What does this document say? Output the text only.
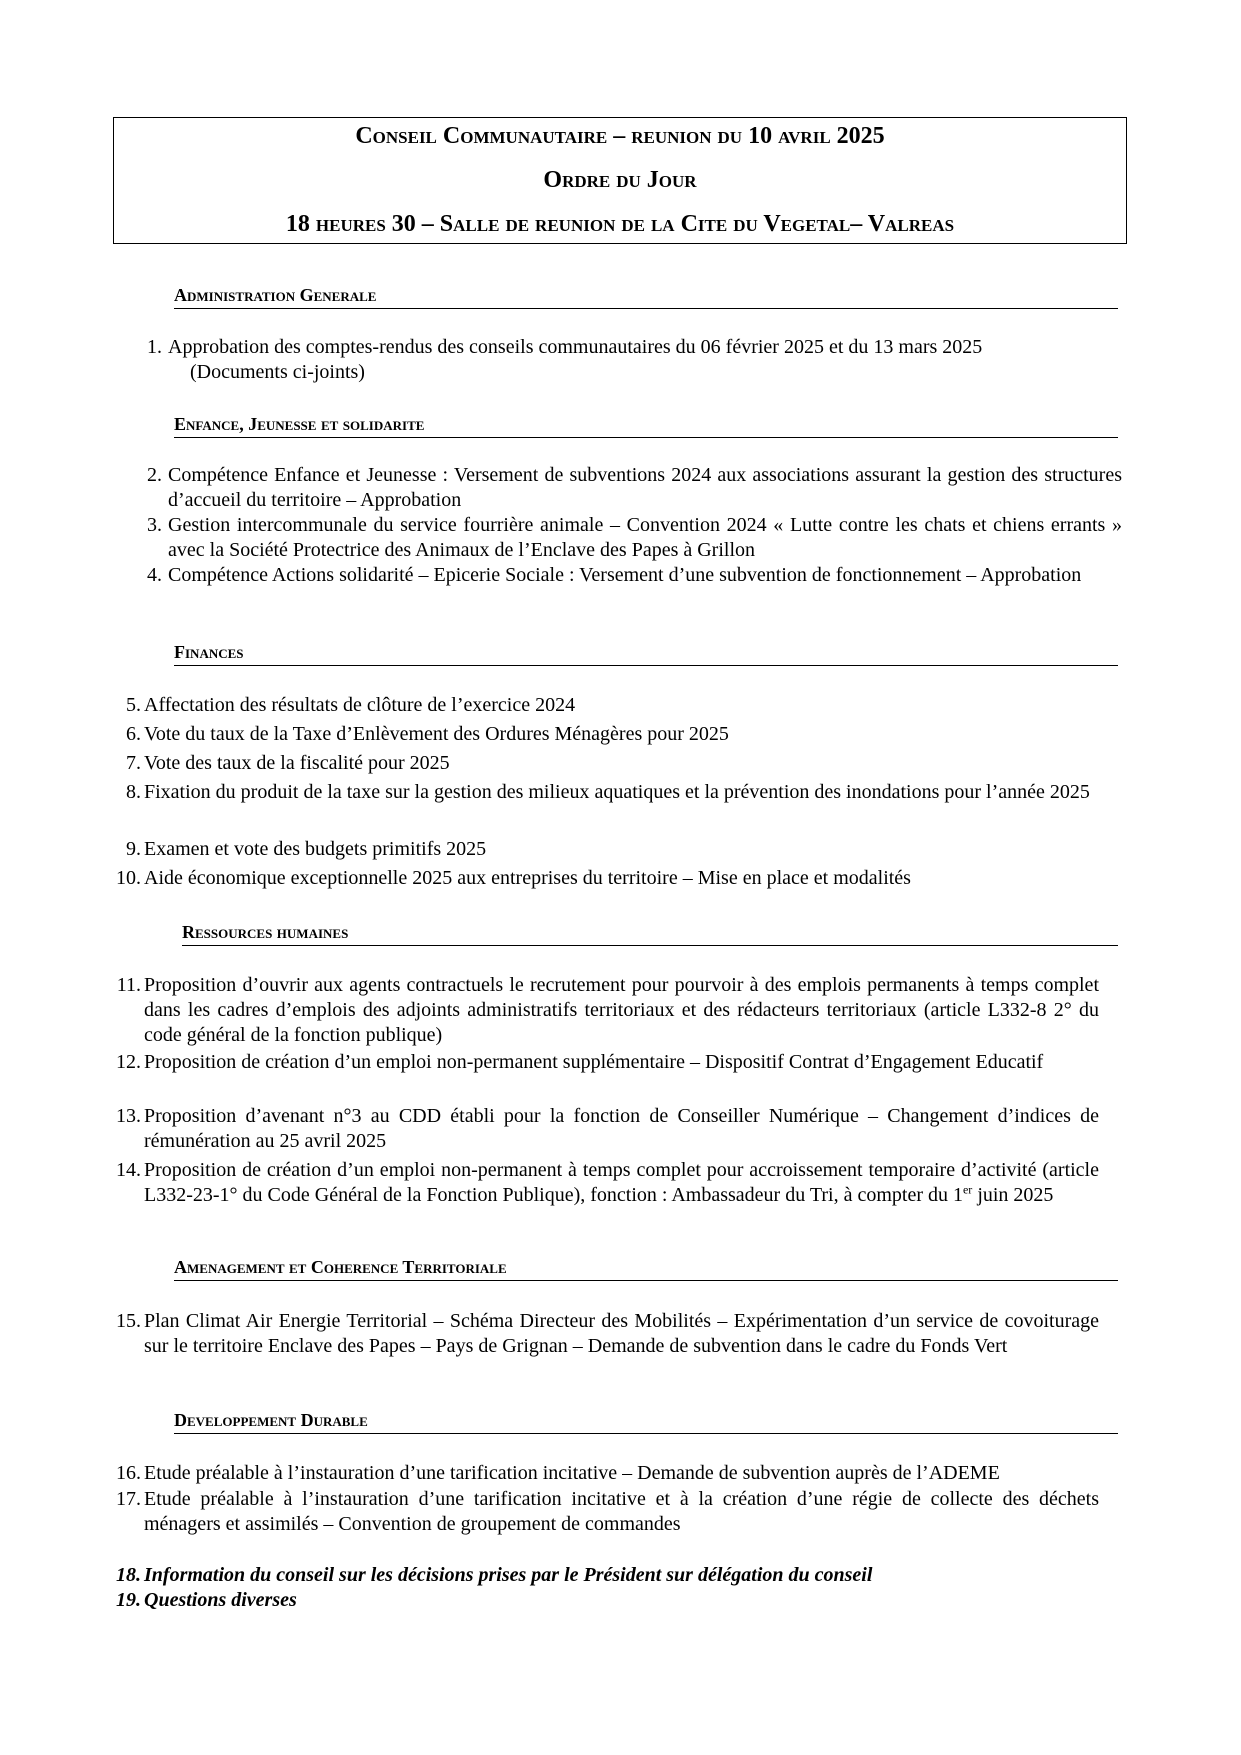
Conseil Communautaire – reunion du 10 avril 2025
Ordre du Jour
18 heures 30 – Salle de reunion de la Cite du Vegetal– Valreas
Administration Generale
1. Approbation des comptes-rendus des conseils communautaires du 06 février 2025 et du 13 mars 2025

(Documents ci-joints)
Enfance, Jeunesse et solidarite
2. Compétence Enfance et Jeunesse : Versement de subventions 2024 aux associations assurant la gestion des structures d’accueil du territoire – Approbation
3. Gestion intercommunale du service fourrière animale – Convention 2024 « Lutte contre les chats et chiens errants » avec la Société Protectrice des Animaux de l’Enclave des Papes à Grillon
4. Compétence Actions solidarité – Epicerie Sociale : Versement d’une subvention de fonctionnement – Approbation
Finances
5. Affectation des résultats de clôture de l’exercice 2024
6. Vote du taux de la Taxe d’Enlèvement des Ordures Ménagères pour 2025
7. Vote des taux de la fiscalité pour 2025
8. Fixation du produit de la taxe sur la gestion des milieux aquatiques et la prévention des inondations pour l’année 2025
9. Examen et vote des budgets primitifs 2025
10. Aide économique exceptionnelle 2025 aux entreprises du territoire – Mise en place et modalités
Ressources humaines
11. Proposition d’ouvrir aux agents contractuels le recrutement pour pourvoir à des emplois permanents à temps complet dans les cadres d’emplois des adjoints administratifs territoriaux et des rédacteurs territoriaux (article L332-8 2° du code général de la fonction publique)
12. Proposition de création d’un emploi non-permanent supplémentaire – Dispositif Contrat d’Engagement Educatif
13. Proposition d’avenant n°3 au CDD établi pour la fonction de Conseiller Numérique – Changement d’indices de rémunération au 25 avril 2025
14. Proposition de création d’un emploi non-permanent à temps complet pour accroissement temporaire d’activité (article L332-23-1° du Code Général de la Fonction Publique), fonction : Ambassadeur du Tri, à compter du 1er juin 2025
Amenagement et Coherence Territoriale
15. Plan Climat Air Energie Territorial – Schéma Directeur des Mobilités – Expérimentation d’un service de covoiturage sur le territoire Enclave des Papes – Pays de Grignan – Demande de subvention dans le cadre du Fonds Vert
Developpement Durable
16. Etude préalable à l’instauration d’une tarification incitative – Demande de subvention auprès de l’ADEME
17. Etude préalable à l’instauration d’une tarification incitative et à la création d’une régie de collecte des déchets ménagers et assimilés – Convention de groupement de commandes
18. Information du conseil sur les décisions prises par le Président sur délégation du conseil
19. Questions diverses
